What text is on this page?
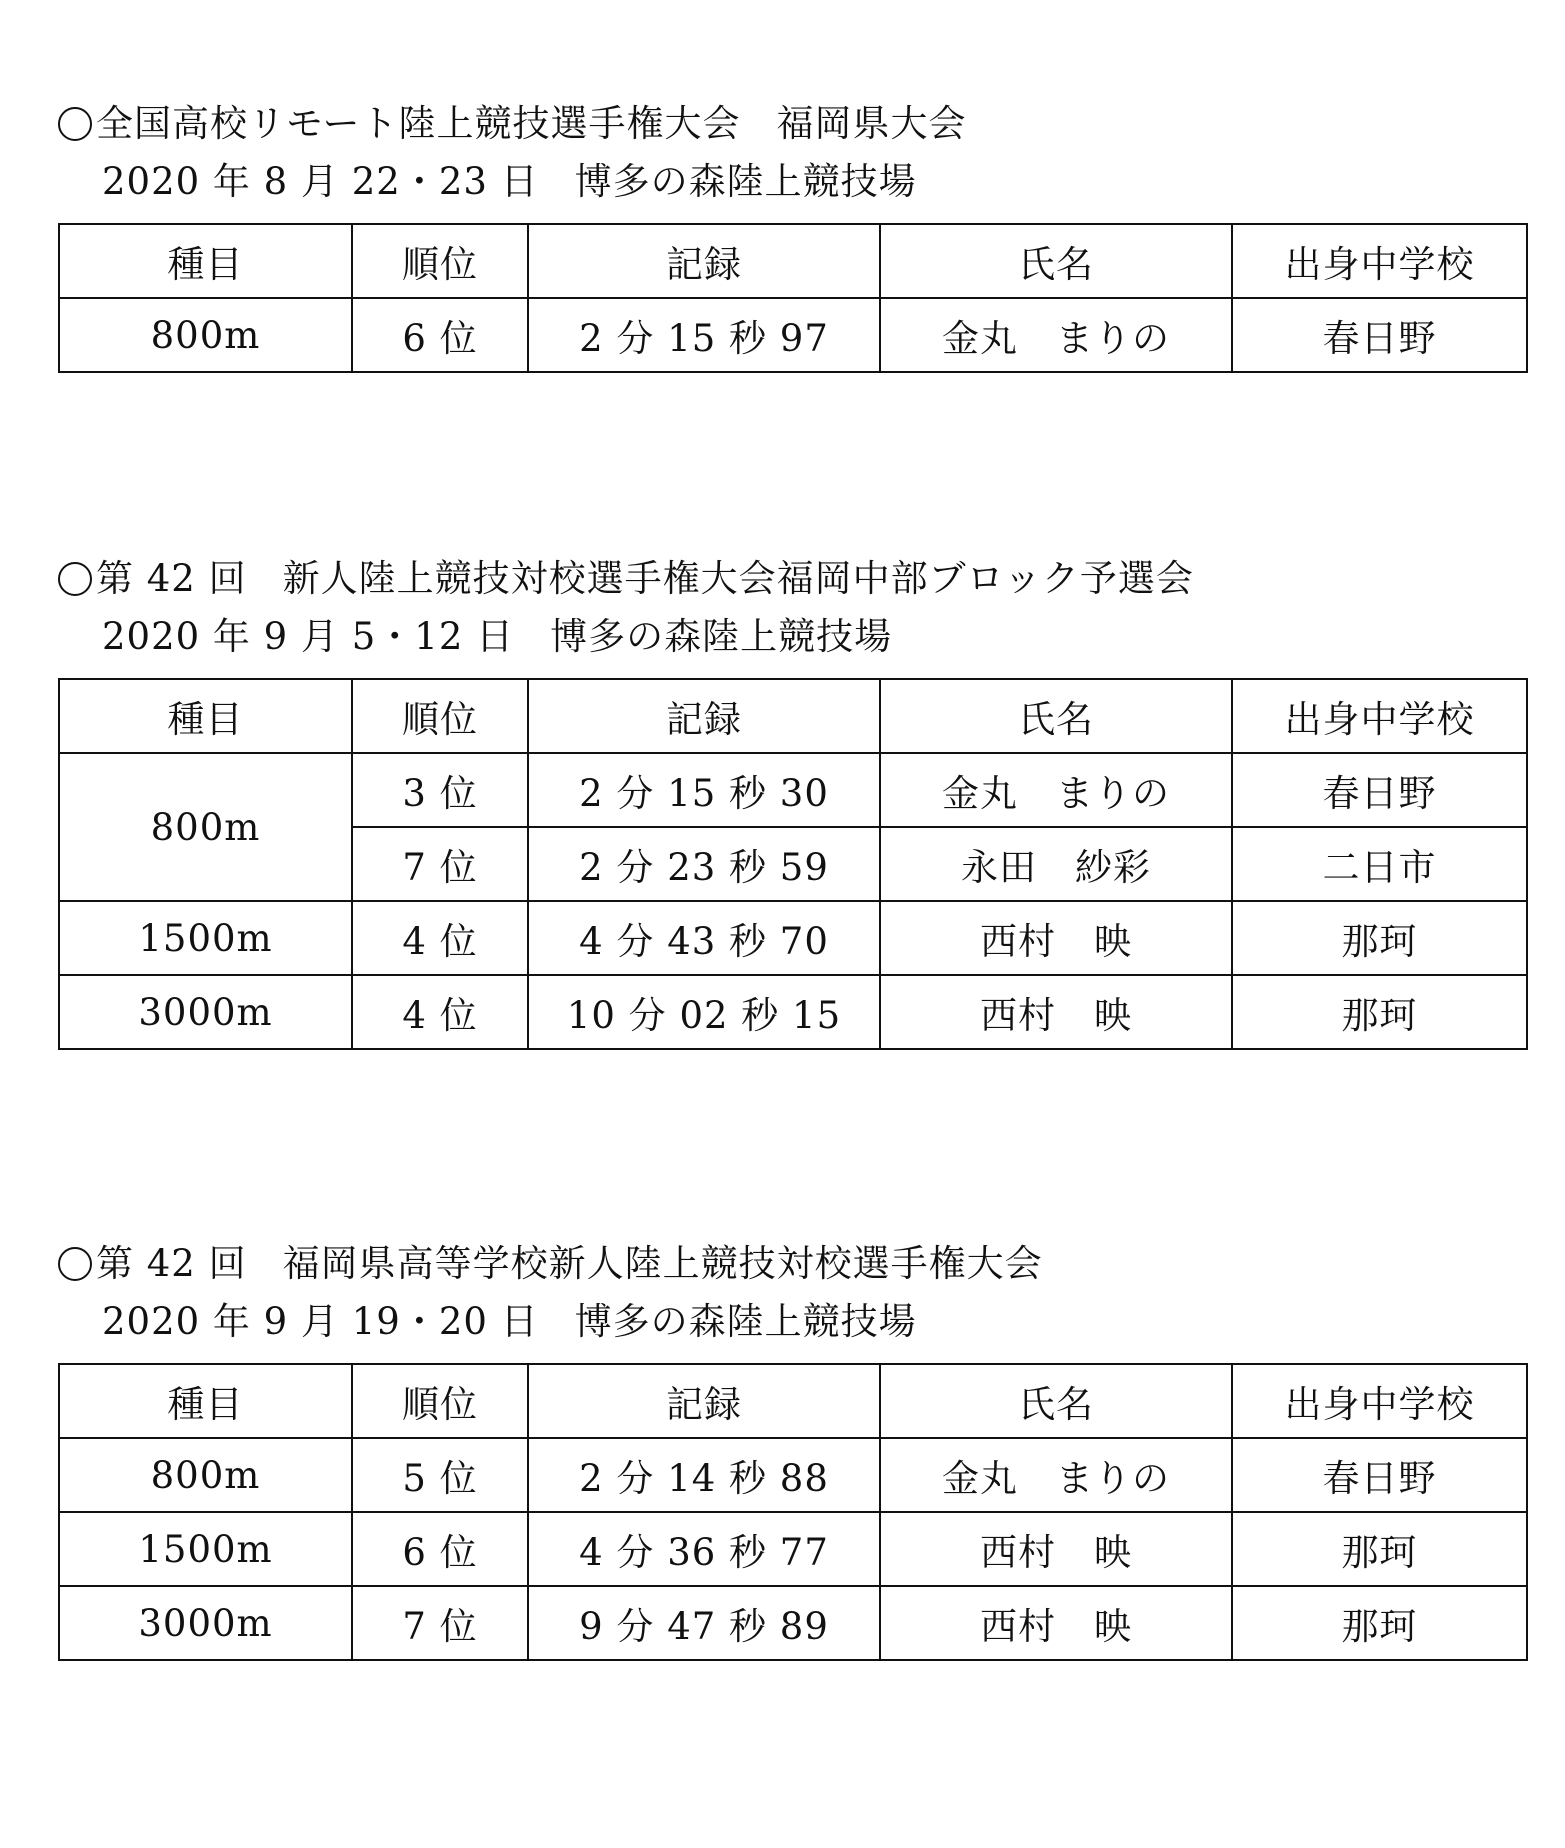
全国高校リモート陸上競技選手権大会 福岡県大会
2020 年 8 月 22・23 日 博多の森陸上競技場
種目	順位	記録	氏名	出身中学校
800m	6 位	2 分 15 秒 97	金丸　まりの	春日野
第 42 回 新人陸上競技対校選手権大会福岡中部ブロック予選会
2020 年 9 月 5・12 日 博多の森陸上競技場
種目	順位	記録	氏名	出身中学校
800m	3 位	2 分 15 秒 30	金丸　まりの	春日野
	7 位	2 分 23 秒 59	永田　紗彩	二日市
1500m	4 位	4 分 43 秒 70	西村　映	那珂
3000m	4 位	10 分 02 秒 15	西村　映	那珂
第 42 回 福岡県高等学校新人陸上競技対校選手権大会
2020 年 9 月 19・20 日 博多の森陸上競技場
種目	順位	記録	氏名	出身中学校
800m	5 位	2 分 14 秒 88	金丸　まりの	春日野
1500m	6 位	4 分 36 秒 77	西村　映	那珂
3000m	7 位	9 分 47 秒 89	西村　映	那珂
